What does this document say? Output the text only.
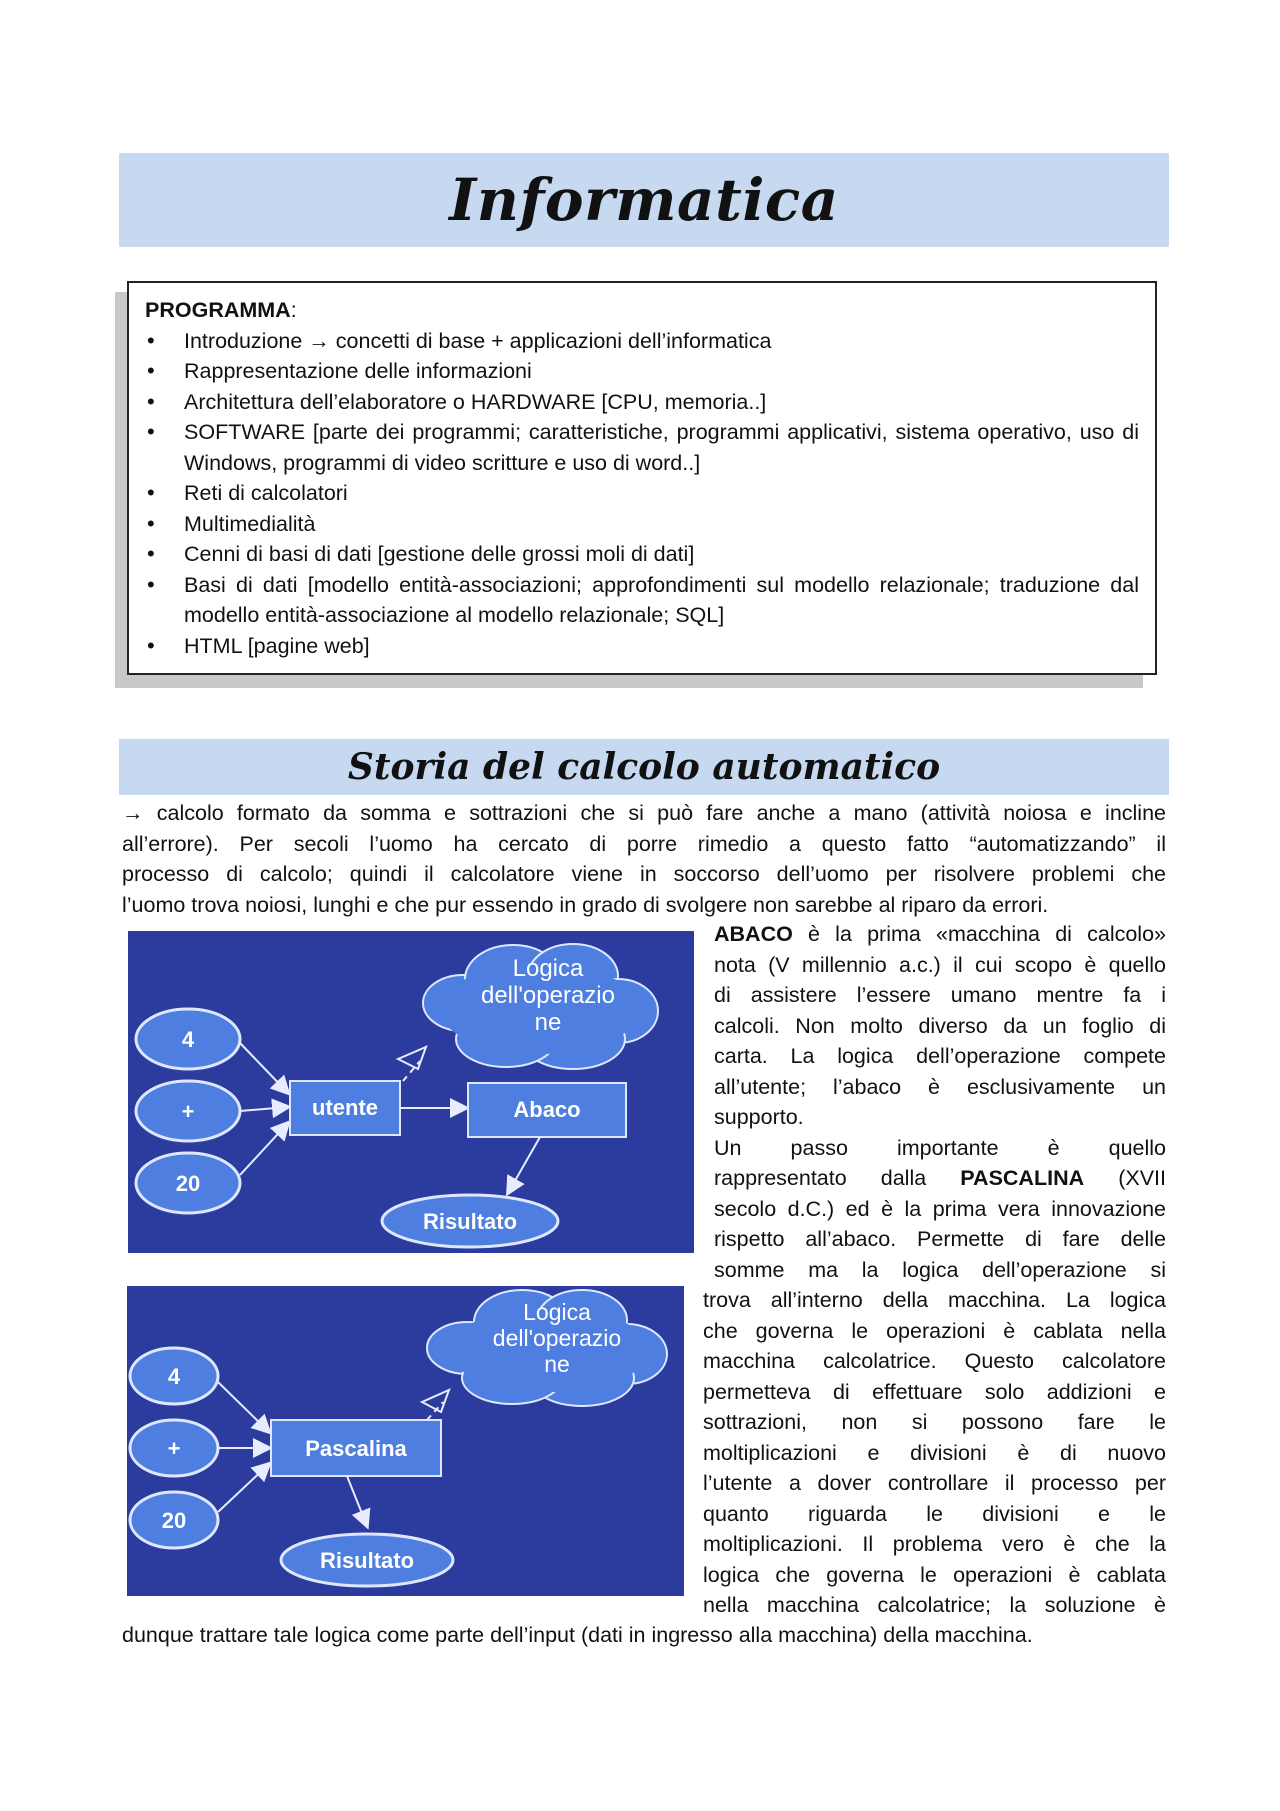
Informatica
PROGRAMMA:
• Introduzione → concetti di base + applicazioni dell’informatica
• Rappresentazione delle informazioni
• Architettura dell’elaboratore o HARDWARE [CPU, memoria..]
• SOFTWARE [parte dei programmi; caratteristiche, programmi applicativi, sistema operativo, uso di Windows, programmi di video scritture e uso di word..]
• Reti di calcolatori
• Multimedialità
• Cenni di basi di dati [gestione delle grossi moli di dati]
• Basi di dati [modello entità-associazioni; approfondimenti sul modello relazionale; traduzione dal modello entità-associazione al modello relazionale; SQL]
• HTML [pagine web]
Storia del calcolo automatico
→ calcolo formato da somma e sottrazioni che si può fare anche a mano (attività noiosa e incline
all’errore). Per secoli l’uomo ha cercato di porre rimedio a questo fatto “automatizzando” il
processo di calcolo; quindi il calcolatore viene in soccorso dell’uomo per risolvere problemi che
l’uomo trova noiosi, lunghi e che pur essendo in grado di svolgere non sarebbe al riparo da errori.
Logica
dell'operazio
ne
4
+
20
utente	Abaco
Risultato
Logica
dell'operazio
ne
4
+
20
Pascalina
Risultato
ABACO è la prima «macchina di calcolo»
nota (V millennio a.c.) il cui scopo è quello
di assistere l’essere umano mentre fa i
calcoli. Non molto diverso da un foglio di
carta. La logica dell’operazione compete
all’utente; l’abaco è esclusivamente un
supporto.
Un passo importante è quello
rappresentato dalla PASCALINA (XVII
secolo d.C.) ed è la prima vera innovazione
rispetto all’abaco. Permette di fare delle
somme ma la logica dell’operazione si
trova all’interno della macchina. La logica
che governa le operazioni è cablata nella
macchina calcolatrice. Questo calcolatore
permetteva di effettuare solo addizioni e
sottrazioni, non si possono fare le
moltiplicazioni e divisioni è di nuovo
l’utente a dover controllare il processo per
quanto riguarda le divisioni e le
moltiplicazioni. Il problema vero è che la
logica che governa le operazioni è cablata
nella macchina calcolatrice; la soluzione è
dunque trattare tale logica come parte dell’input (dati in ingresso alla macchina) della macchina.
